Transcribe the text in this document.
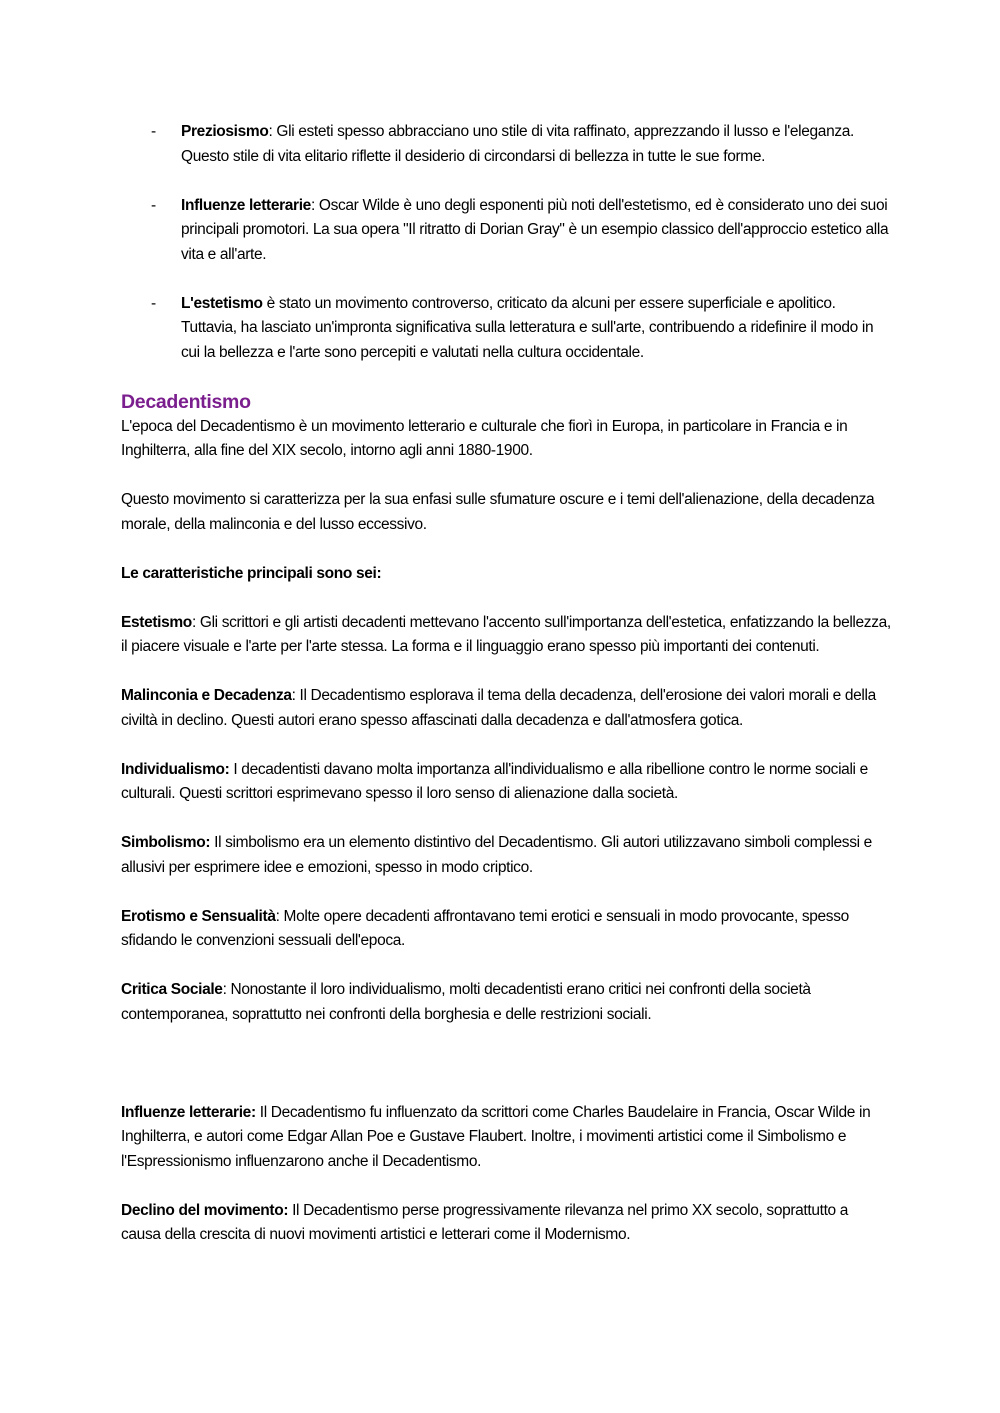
- Preziosismo: Gli esteti spesso abbracciano uno stile di vita raffinato, apprezzando il lusso e l'eleganza. Questo stile di vita elitario riflette il desiderio di circondarsi di bellezza in tutte le sue forme.
- Influenze letterarie: Oscar Wilde è uno degli esponenti più noti dell'estetismo, ed è considerato uno dei suoi principali promotori. La sua opera "Il ritratto di Dorian Gray" è un esempio classico dell'approccio estetico alla vita e all'arte.
- L'estetismo è stato un movimento controverso, criticato da alcuni per essere superficiale e apolitico. Tuttavia, ha lasciato un'impronta significativa sulla letteratura e sull'arte, contribuendo a ridefinire il modo in cui la bellezza e l'arte sono percepiti e valutati nella cultura occidentale.
Decadentismo

L'epoca del Decadentismo è un movimento letterario e culturale che fiorì in Europa, in particolare in Francia e in Inghilterra, alla fine del XIX secolo, intorno agli anni 1880-1900.

Questo movimento si caratterizza per la sua enfasi sulle sfumature oscure e i temi dell'alienazione, della decadenza morale, della malinconia e del lusso eccessivo.

Le caratteristiche principali sono sei:

Estetismo: Gli scrittori e gli artisti decadenti mettevano l'accento sull'importanza dell'estetica, enfatizzando la bellezza, il piacere visuale e l'arte per l'arte stessa. La forma e il linguaggio erano spesso più importanti dei contenuti.

Malinconia e Decadenza: Il Decadentismo esplorava il tema della decadenza, dell'erosione dei valori morali e della civiltà in declino. Questi autori erano spesso affascinati dalla decadenza e dall'atmosfera gotica.

Individualismo: I decadentisti davano molta importanza all'individualismo e alla ribellione contro le norme sociali e culturali. Questi scrittori esprimevano spesso il loro senso di alienazione dalla società.

Simbolismo: Il simbolismo era un elemento distintivo del Decadentismo. Gli autori utilizzavano simboli complessi e allusivi per esprimere idee e emozioni, spesso in modo criptico.

Erotismo e Sensualità: Molte opere decadenti affrontavano temi erotici e sensuali in modo provocante, spesso sfidando le convenzioni sessuali dell'epoca.

Critica Sociale: Nonostante il loro individualismo, molti decadentisti erano critici nei confronti della società contemporanea, soprattutto nei confronti della borghesia e delle restrizioni sociali.

Influenze letterarie: Il Decadentismo fu influenzato da scrittori come Charles Baudelaire in Francia, Oscar Wilde in Inghilterra, e autori come Edgar Allan Poe e Gustave Flaubert. Inoltre, i movimenti artistici come il Simbolismo e l'Espressionismo influenzarono anche il Decadentismo.

Declino del movimento: Il Decadentismo perse progressivamente rilevanza nel primo XX secolo, soprattutto a causa della crescita di nuovi movimenti artistici e letterari come il Modernismo.
